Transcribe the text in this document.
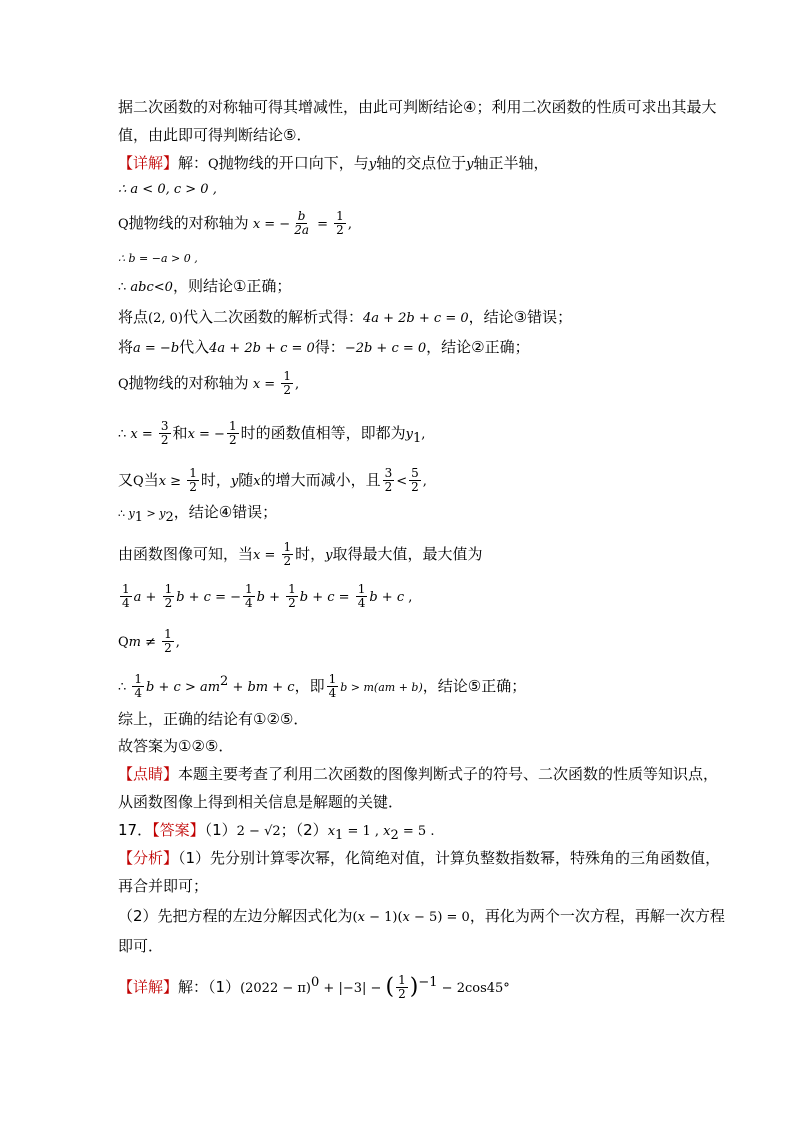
据二次函数的对称轴可得其增减性，由此可判断结论④；利用二次函数的性质可求出其最大
值，由此即可得判断结论⑤．
【详解】解：Q抛物线的开口向下，与y轴的交点位于y轴正半轴，
∴ a < 0, c > 0 ,
Q抛物线的对称轴为 x = − $\frac{b}{2a} = \frac{1}{2}$ ,
∴ b = −a > 0 ,
∴ abc<0，则结论①正确；
将点(2, 0)代入二次函数的解析式得：4a + 2b + c = 0，结论③错误；
将a = −b代入4a + 2b + c = 0得：−2b + c = 0，结论②正确；
Q抛物线的对称轴为 $x = \frac{1}{2}$ ,
∴ $x = \frac{3}{2}$ 和x = − $\frac{1}{2}$ 时的函数值相等，即都为$y_1$,
又Q当$x \ge \frac{1}{2}$ 时，y随x的增大而减小，且 $\frac{3}{2} < \frac{5}{2}$ ,
∴ $y_1 > y_2$，结论④错误；
由函数图像可知，当$x = \frac{1}{2}$ 时，y取得最大值，最大值为
$\frac{1}{4}$ $a + \frac{1}{2}$ b + c = − $\frac{1}{4}$ $b + \frac{1}{2}$ $b + c = \frac{1}{4}$ b + c ,
$Qm \ne \frac{1}{2}$ ,
∴ $\frac{1}{4}$ $b + c > am^2$ + bm + c，即 $\frac{1}{4}$ b > m(am + b)，结论⑤正确；
综上，正确的结论有①②⑤．
故答案为①②⑤．
【点睛】本题主要考查了利用二次函数的图像判断式子的符号、二次函数的性质等知识点，
从函数图像上得到相关信息是解题的关键．
17．【答案】（1）2 − √2；$(2)x_1 = 1$ , $x_2 = 5$ .
【分析】（1）先分别计算零次幂，化简绝对值，计算负整数指数幂，特殊角的三角函数值，
再合并即可；
（2）先把方程的左边分解因式化为(x − 1)(x − 5) = 0，再化为两个一次方程，再解一次方程
即可．
【详解】解：$(1)(2022 - \pi)^0 + |-3|$ − ( $\frac{1}{2} )^{-1} - 2\cos 45^\circ$
